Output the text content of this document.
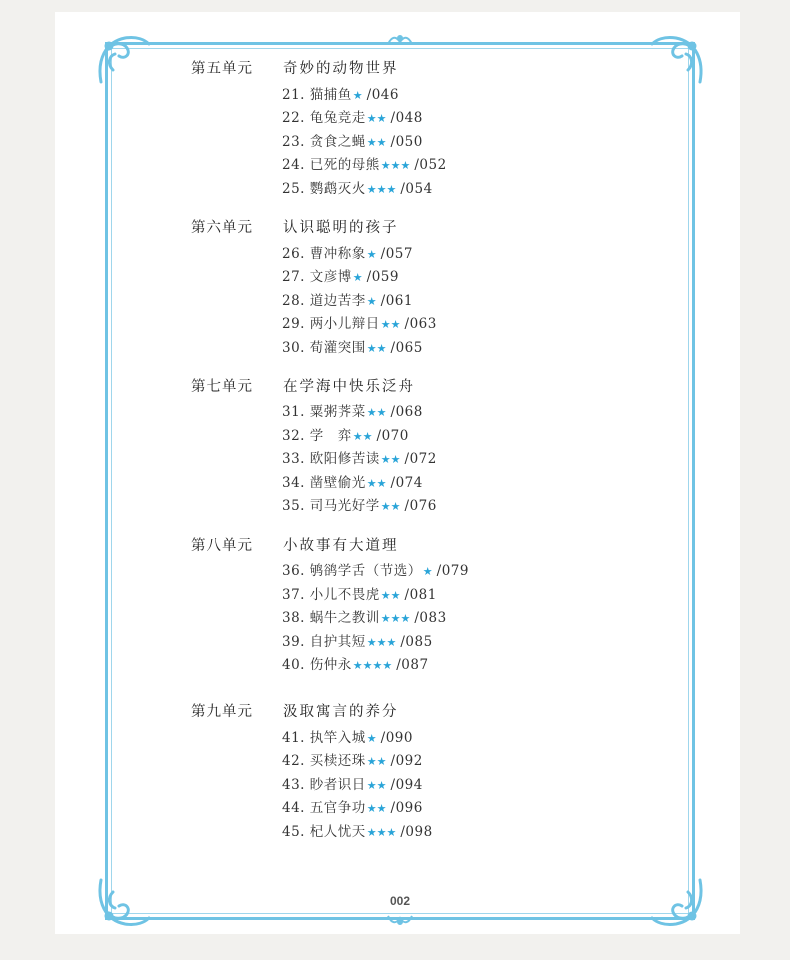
第五单元 奇妙的动物世界
21. 猫捕鱼★ /046
22. 龟兔竞走★★ /048
23. 贪食之蝇★★ /050
24. 已死的母熊★★★ /052
25. 鹦鹉灭火★★★ /054
第六单元 认识聪明的孩子
26. 曹冲称象★ /057
27. 文彦博★ /059
28. 道边苦李★ /061
29. 两小儿辩日★★ /063
30. 荀灌突围★★ /065
第七单元 在学海中快乐泛舟
31. 粟粥荠菜★★ /068
32. 学　弈★★ /070
33. 欧阳修苦读★★ /072
34. 凿壁偷光★★ /074
35. 司马光好学★★ /076
第八单元 小故事有大道理
36. 鸲鹆学舌（节选）★ /079
37. 小儿不畏虎★★ /081
38. 蜗牛之教训★★★ /083
39. 自护其短★★★ /085
40. 伤仲永★★★★ /087
第九单元 汲取寓言的养分
41. 执竿入城★ /090
42. 买椟还珠★★ /092
43. 眇者识日★★ /094
44. 五官争功★★ /096
45. 杞人忧天★★★ /098
002
